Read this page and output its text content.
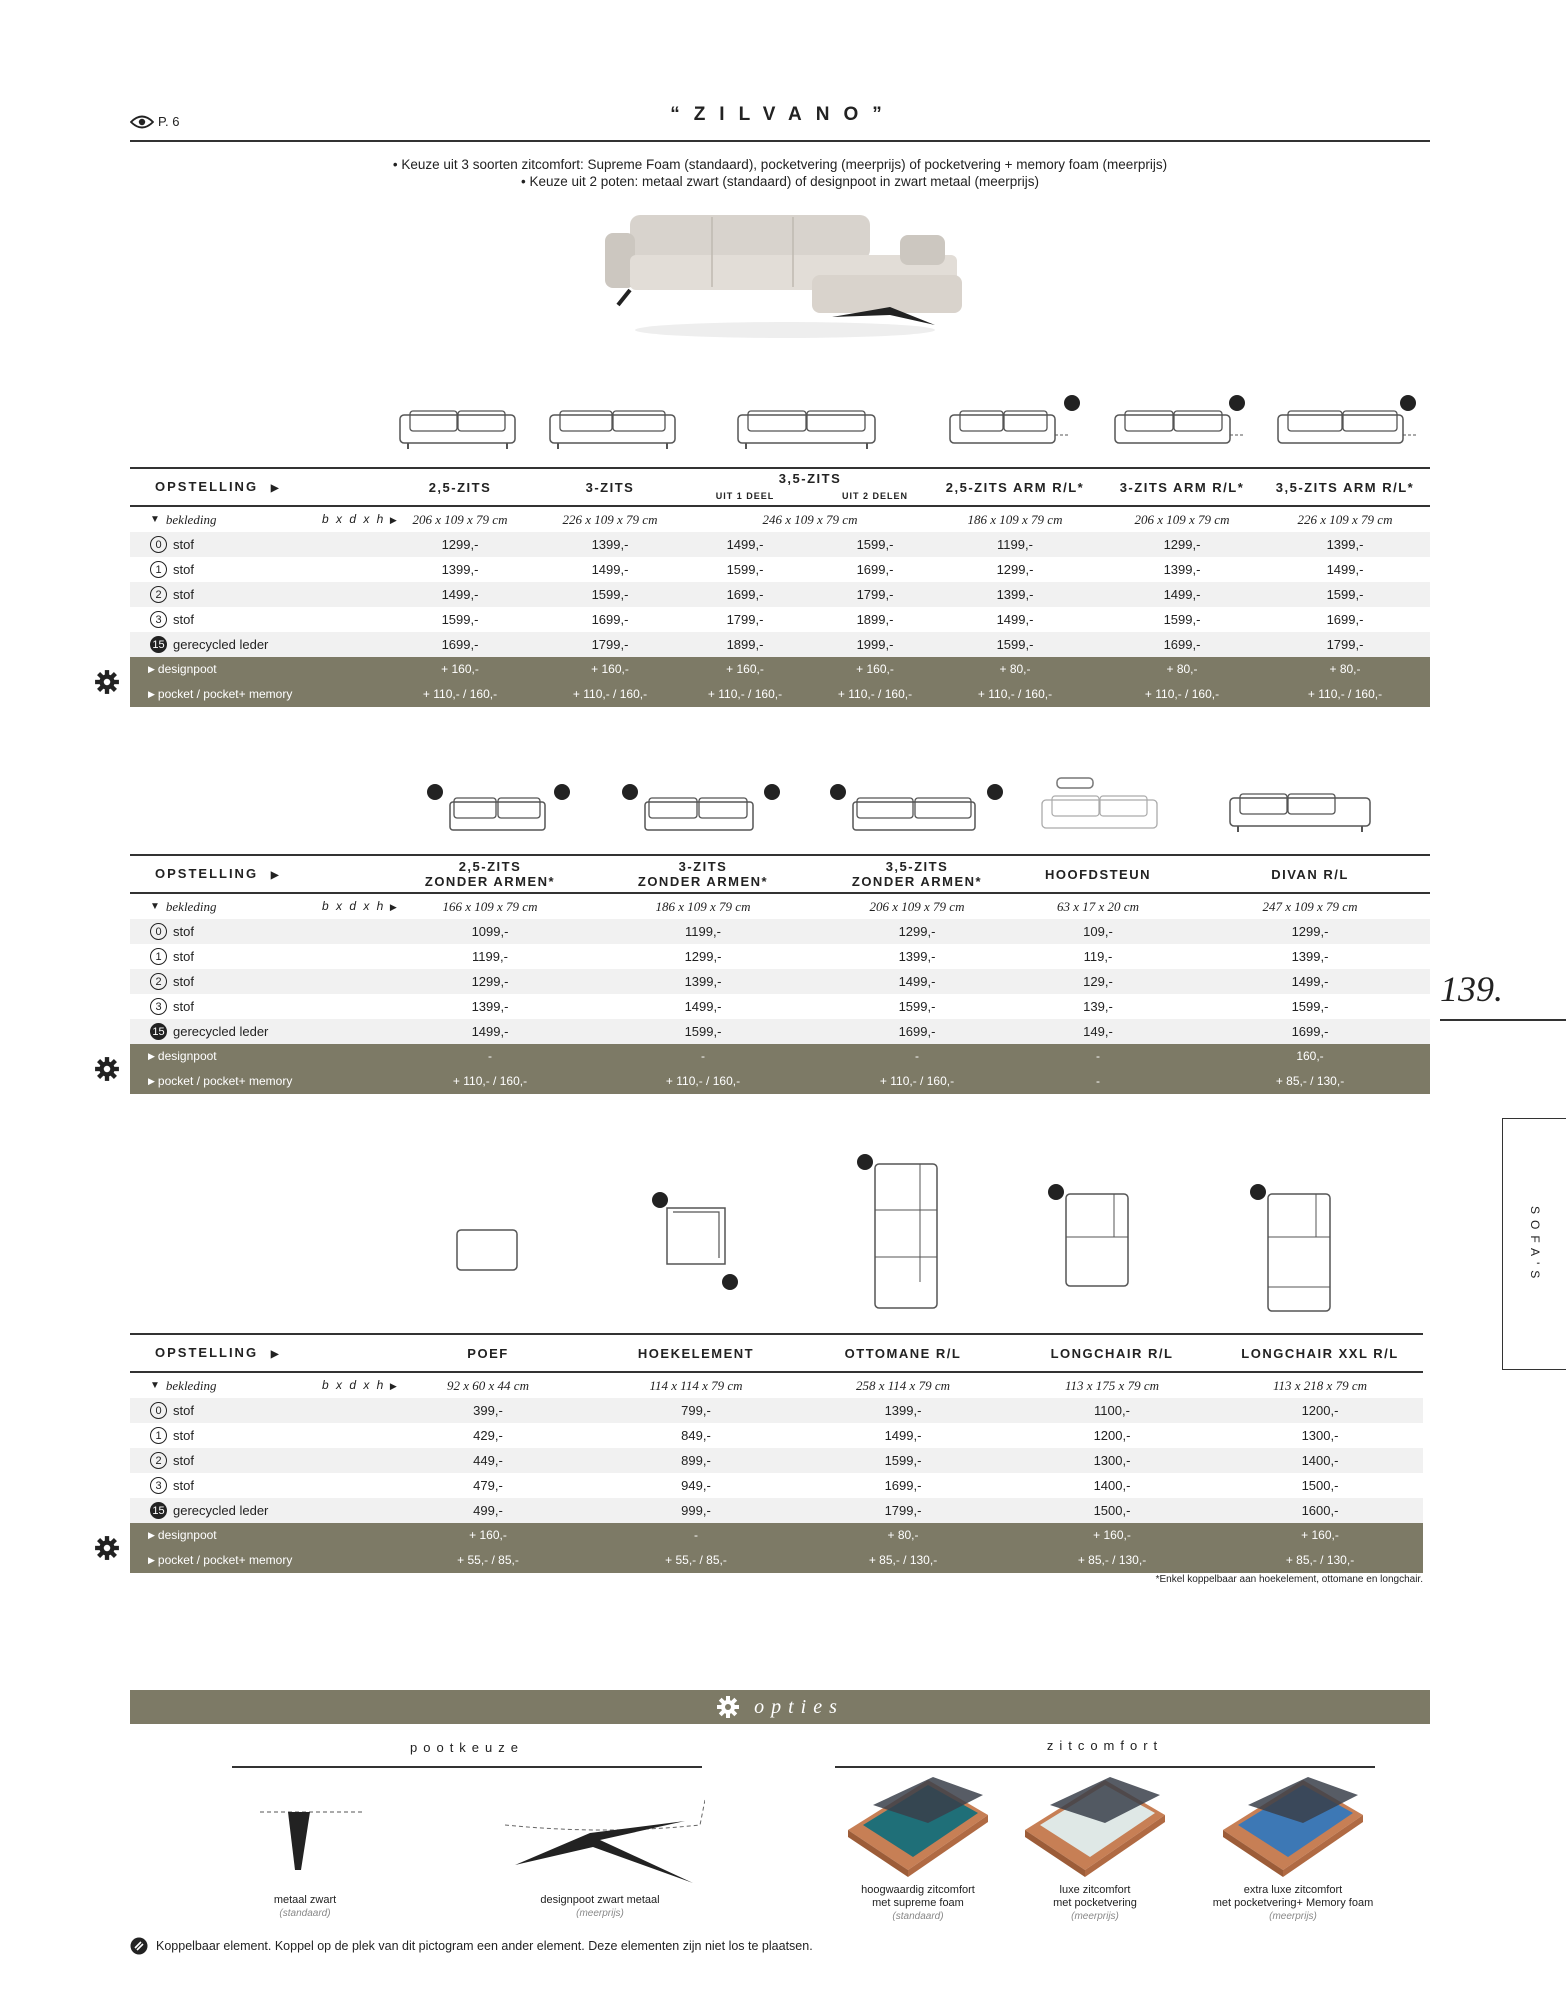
P. 6	“ZILVANO”
• Keuze uit 3 soorten zitcomfort: Supreme Foam (standaard), pocketvering (meerprijs) of pocketvering + memory foam (meerprijs)
• Keuze uit 2 poten: metaal zwart (standaard) of designpoot in zwart metaal (meerprijs)
*Enkel koppelbaar aan hoekelement, ottomane en longchair.
139.
SOFA'S
opties
pootkeuze	zitcomfort
metaal zwart
(standaard)
designpoot zwart metaal
(meerprijs)
Koppelbaar element. Koppel op de plek van dit pictogram een ander element. Deze elementen zijn niet los te plaatsen.
OPSTELLING ▶	2,5-ZITS	3-ZITS
3,5-ZITS
UIT 1 DEEL	UIT 2 DELEN
2,5-ZITS ARM R/L*	3-ZITS ARM R/L*	3,5-ZITS ARM R/L*
▼ bekleding	b x d x h ▶	206 x 109 x 79 cm	226 x 109 x 79 cm	246 x 109 x 79 cm	186 x 109 x 79 cm	206 x 109 x 79 cm	226 x 109 x 79 cm
0 stof	1299,-	1399,-	1499,-	1599,-	1199,-	1299,-	1399,-
1 stof	1399,-	1499,-	1599,-	1699,-	1299,-	1399,-	1499,-
2 stof	1499,-	1599,-	1699,-	1799,-	1399,-	1499,-	1599,-
3 stof	1599,-	1699,-	1799,-	1899,-	1499,-	1599,-	1699,-
15 gerecycled leder	1699,-	1799,-	1899,-	1999,-	1599,-	1699,-	1799,-
▶ designpoot	+ 160,-	+ 160,-	+ 160,-	+ 160,-	+ 80,-	+ 80,-	+ 80,-
▶ pocket / pocket+ memory	+ 110,- / 160,-	+ 110,- / 160,-	+ 110,- / 160,-	+ 110,- / 160,-	+ 110,- / 160,-	+ 110,- / 160,-	+ 110,- / 160,-
OPSTELLING ▶
2,5-ZITS
ZONDER ARMEN*
3-ZITS
ZONDER ARMEN*
3,5-ZITS
ZONDER ARMEN*	HOOFDSTEUN	DIVAN R/L
▼ bekleding	b x d x h ▶	166 x 109 x 79 cm	186 x 109 x 79 cm	206 x 109 x 79 cm	63 x 17 x 20 cm	247 x 109 x 79 cm
0 stof	1099,-	1199,-	1299,-	109,-	1299,-
1 stof	1199,-	1299,-	1399,-	119,-	1399,-
2 stof	1299,-	1399,-	1499,-	129,-	1499,-
3 stof	1399,-	1499,-	1599,-	139,-	1599,-
15 gerecycled leder	1499,-	1599,-	1699,-	149,-	1699,-
▶ designpoot	-	-	-	-	160,-
▶ pocket / pocket+ memory	+ 110,- / 160,-	+ 110,- / 160,-	+ 110,- / 160,-	-	+ 85,- / 130,-
OPSTELLING ▶	POEF	HOEKELEMENT	OTTOMANE R/L	LONGCHAIR R/L	LONGCHAIR XXL R/L
▼ bekleding	b x d x h ▶	92 x 60 x 44 cm	114 x 114 x 79 cm	258 x 114 x 79 cm	113 x 175 x 79 cm	113 x 218 x 79 cm
0 stof	399,-	799,-	1399,-	1100,-	1200,-
1 stof	429,-	849,-	1499,-	1200,-	1300,-
2 stof	449,-	899,-	1599,-	1300,-	1400,-
3 stof	479,-	949,-	1699,-	1400,-	1500,-
15 gerecycled leder	499,-	999,-	1799,-	1500,-	1600,-
▶ designpoot	+ 160,-	-	+ 80,-	+ 160,-	+ 160,-
▶ pocket / pocket+ memory	+ 55,- / 85,-	+ 55,- / 85,-	+ 85,- / 130,-	+ 85,- / 130,-	+ 85,- / 130,-
hoogwaardig zitcomfort
met supreme foam
(standaard)
luxe zitcomfort
met pocketvering
(meerprijs)
extra luxe zitcomfort
met pocketvering+ Memory foam
(meerprijs)
